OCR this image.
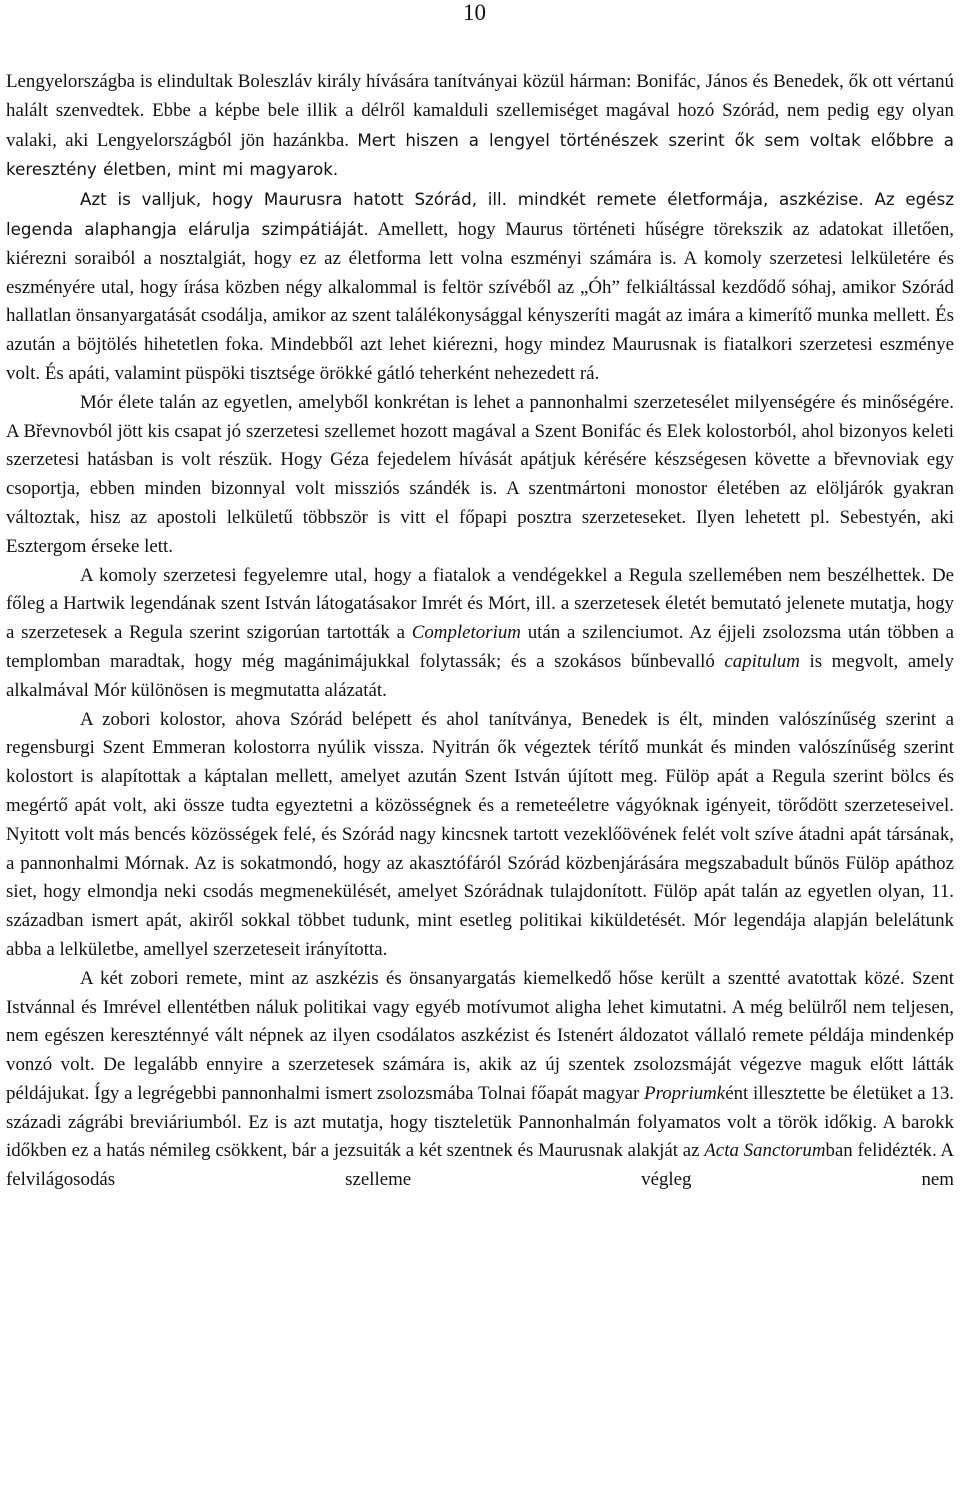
10

Lengyelországba is elindultak Boleszláv király hívására tanítványai közül hárman: Bonifác, János és Benedek, ők ott vértanú halált szenvedtek. Ebbe a képbe bele illik a délről kamalduli szellemiséget magával hozó Szórád, nem pedig egy olyan valaki, aki Lengyelországból jön hazánkba. Mert hiszen a lengyel történészek szerint ők sem voltak előbbre a keresztény életben, mint mi magyarok.

Azt is valljuk, hogy Maurusra hatott Szórád, ill. mindkét remete életformája, aszkézise. Az egész legenda alaphangja elárulja szimpátiáját. Amellett, hogy Maurus történeti hűségre törekszik az adatokat illetően, kiérezni soraiból a nosztalgiát, hogy ez az életforma lett volna eszményi számára is. A komoly szerzetesi lelkületére és eszményére utal, hogy írása közben négy alkalommal is feltör szívéből az „Óh” felkiáltással kezdődő sóhaj, amikor Szórád hallatlan önsanyargatását csodálja, amikor az szent találékonysággal kényszeríti magát az imára a kimerítő munka mellett. És azután a böjtölés hihetetlen foka. Mindebből azt lehet kiérezni, hogy mindez Maurusnak is fiatalkori szerzetesi eszménye volt. És apáti, valamint püspöki tisztsége örökké gátló teherként nehezedett rá.

Mór élete talán az egyetlen, amelyből konkrétan is lehet a pannonhalmi szerzetesélet milyenségére és minőségére. A Břevnovból jött kis csapat jó szerzetesi szellemet hozott magával a Szent Bonifác és Elek kolostorból, ahol bizonyos keleti szerzetesi hatásban is volt részük. Hogy Géza fejedelem hívását apátjuk kérésére készségesen követte a břevnoviak egy csoportja, ebben minden bizonnyal volt missziós szándék is. A szentmártoni monostor életében az elöljárók gyakran változtak, hisz az apostoli lelkületű többször is vitt el főpapi posztra szerzeteseket. Ilyen lehetett pl. Sebestyén, aki Esztergom érseke lett.

A komoly szerzetesi fegyelemre utal, hogy a fiatalok a vendégekkel a Regula szellemében nem beszélhettek. De főleg a Hartwik legendának szent István látogatásakor Imrét és Mórt, ill. a szerzetesek életét bemutató jelenete mutatja, hogy a szerzetesek a Regula szerint szigorúan tartották a Completorium után a szilenciumot. Az éjjeli zsolozsma után többen a templomban maradtak, hogy még magánimájukkal folytassák; és a szokásos bűnbevalló capitulum is megvolt, amely alkalmával Mór különösen is megmutatta alázatát.

A zobori kolostor, ahova Szórád belépett és ahol tanítványa, Benedek is élt, minden valószínűség szerint a regensburgi Szent Emmeran kolostorra nyúlik vissza. Nyitrán ők végeztek térítő munkát és minden valószínűség szerint kolostort is alapítottak a káptalan mellett, amelyet azután Szent István újított meg. Fülöp apát a Regula szerint bölcs és megértő apát volt, aki össze tudta egyeztetni a közösségnek és a remeteéletre vágyóknak igényeit, törődött szerzeteseivel. Nyitott volt más bencés közösségek felé, és Szórád nagy kincsnek tartott vezeklőövének felét volt szíve átadni apát társának, a pannonhalmi Mórnak. Az is sokatmondó, hogy az akasztófáról Szórád közbenjárására megszabadult bűnös Fülöp apáthoz siet, hogy elmondja neki csodás megmenekülését, amelyet Szórádnak tulajdonított. Fülöp apát talán az egyetlen olyan, 11. században ismert apát, akiről sokkal többet tudunk, mint esetleg politikai kiküldetését. Mór legendája alapján belelátunk abba a lelkületbe, amellyel szerzeteseit irányította.

A két zobori remete, mint az aszkézis és önsanyargatás kiemelkedő hőse került a szentté avatottak közé. Szent Istvánnal és Imrével ellentétben náluk politikai vagy egyéb motívumot aligha lehet kimutatni. A még belülről nem teljesen, nem egészen kereszténnyé vált népnek az ilyen csodálatos aszkézist és Istenért áldozatot vállaló remete példája mindenkép vonzó volt. De legalább ennyire a szerzetesek számára is, akik az új szentek zsolozsmáját végezve maguk előtt látták példájukat. Így a legrégebbi pannonhalmi ismert zsolozsmába Tolnai főapát magyar Propriumként illesztette be életüket a 13. századi zágrábi breviáriumból. Ez is azt mutatja, hogy tiszteletük Pannonhalmán folyamatos volt a török időkig. A barokk időkben ez a hatás némileg csökkent, bár a jezsuiták a két szentnek és Maurusnak alakját az Acta Sanctorumban felidézték. A felvilágosodás szelleme végleg nem
